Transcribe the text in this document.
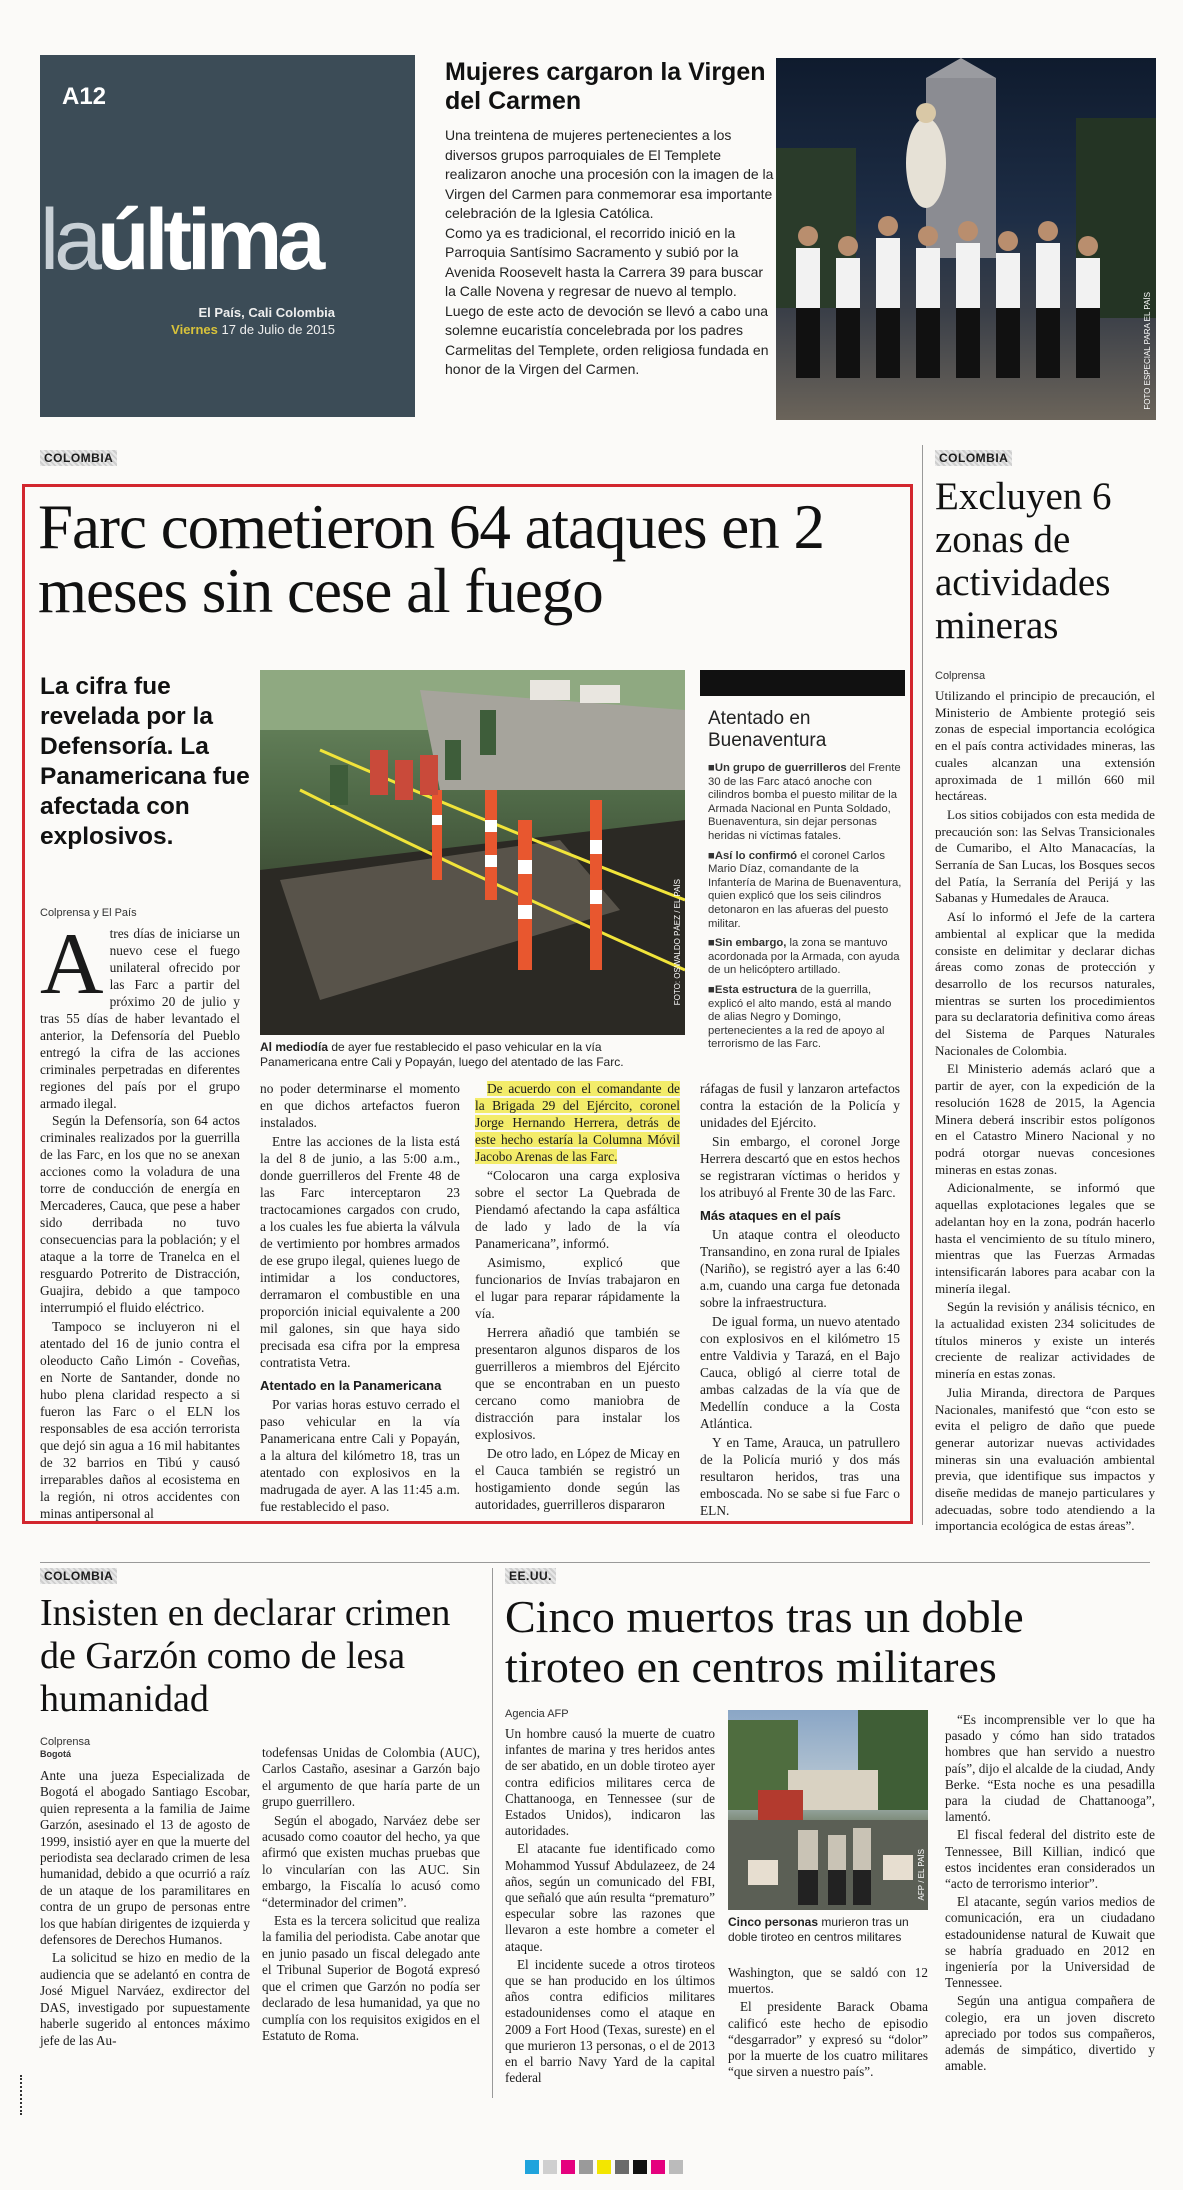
A12
laúltima
El País, Cali Colombia
Viernes 17 de Julio de 2015
Mujeres cargaron la Virgen del Carmen
Una treintena de mujeres pertenecientes a los diversos grupos parroquiales de El Templete realizaron anoche una procesión con la imagen de la Virgen del Carmen para conmemorar esa importante celebración de la Iglesia Católica.
Como ya es tradicional, el recorrido inició en la Parroquia Santísimo Sacramento y subió por la Avenida Roosevelt hasta la Carrera 39 para buscar la Calle Novena y regresar de nuevo al templo. Luego de este acto de devoción se llevó a cabo una solemne eucaristía concelebrada por los padres Carmelitas del Templete, orden religiosa fundada en honor de la Virgen del Carmen.	FOTO ESPECIAL PARA EL PAÍS
COLOMBIA
Farc cometieron 64 ataques en 2 meses sin cese al fuego
La cifra fue revelada por la Defensoría. La Panamericana fue afectada con explosivos.
FOTO: OSWALDO PÁEZ / EL PAÍS
Al mediodía de ayer fue restablecido el paso vehicular en la vía Panamericana entre Cali y Popayán, luego del atentado de las Farc.
Atentado en Buenaventura

■ Un grupo de guerrilleros del Frente 30 de las Farc atacó anoche con cilindros bomba el puesto militar de la Armada Nacional en Punta Soldado, Buenaventura, sin dejar personas heridas ni víctimas fatales.

■ Así lo confirmó el coronel Carlos Mario Díaz, comandante de la Infantería de Marina de Buenaventura, quien explicó que los seis cilindros detonaron en las afueras del puesto militar.

■ Sin embargo, la zona se mantuvo acordonada por la Armada, con ayuda de un helicóptero artillado.

■ Esta estructura de la guerrilla, explicó el alto mando, está al mando de alias Negro y Domingo, pertenecientes a la red de apoyo al terrorismo de las Farc.

Colprensa y El País
Atres días de iniciarse un nuevo cese el fuego unilateral ofrecido por las Farc a partir del próximo 20 de julio y tras 55 días de haber levantado el anterior, la Defensoría del Pueblo entregó la cifra de las acciones criminales perpetradas en diferentes regiones del país por el grupo armado ilegal.

Según la Defensoría, son 64 actos criminales realizados por la guerrilla de las Farc, en los que no se anexan acciones como la voladura de una torre de conducción de energía en Mercaderes, Cauca, que pese a haber sido derribada no tuvo consecuencias para la población; y el ataque a la torre de Tranelca en el resguardo Potrerito de Distracción, Guajira, debido a que tampoco interrumpió el fluido eléctrico.

Tampoco se incluyeron ni el atentado del 16 de junio contra el oleoducto Caño Limón - Coveñas, en Norte de Santander, donde no hubo plena claridad respecto a si fueron las Farc o el ELN los responsables de esa acción terrorista que dejó sin agua a 16 mil habitantes de 32 barrios en Tibú y causó irreparables daños al ecosistema en la región, ni otros accidentes con minas antipersonal al

no poder determinarse el momento en que dichos artefactos fueron instalados.

Entre las acciones de la lista está la del 8 de junio, a las 5:00 a.m., donde guerrilleros del Frente 48 de las Farc interceptaron 23 tractocamiones cargados con crudo, a los cuales les fue abierta la válvula de vertimiento por hombres armados de ese grupo ilegal, quienes luego de intimidar a los conductores, derramaron el combustible en una proporción inicial equivalente a 200 mil galones, sin que haya sido precisada esa cifra por la empresa contratista Vetra.

Atentado en la Panamericana

Por varias horas estuvo cerrado el paso vehicular en la vía Panamericana entre Cali y Popayán, a la altura del kilómetro 18, tras un atentado con explosivos en la madrugada de ayer. A las 11:45 a.m. fue restablecido el paso.

De acuerdo con el comandante de la Brigada 29 del Ejército, coronel Jorge Hernando Herrera, detrás de este hecho estaría la Columna Móvil Jacobo Arenas de las Farc.

“Colocaron una carga explosiva sobre el sector La Quebrada de Piendamó afectando la capa asfáltica de lado y lado de la vía Panamericana”, informó.

Asimismo, explicó que funcionarios de Invías trabajaron en el lugar para reparar rápidamente la vía.

Herrera añadió que también se presentaron algunos disparos de los guerrilleros a miembros del Ejército que se encontraban en un puesto cercano como maniobra de distracción para instalar los explosivos.

De otro lado, en López de Micay en el Cauca también se registró un hostigamiento donde según las autoridades, guerrilleros dispararon

ráfagas de fusil y lanzaron artefactos contra la estación de la Policía y unidades del Ejército.

Sin embargo, el coronel Jorge Herrera descartó que en estos hechos se registraran víctimas o heridos y los atribuyó al Frente 30 de las Farc.

Más ataques en el país

Un ataque contra el oleoducto Transandino, en zona rural de Ipiales (Nariño), se registró ayer a las 6:40 a.m, cuando una carga fue detonada sobre la infraestructura.

De igual forma, un nuevo atentado con explosivos en el kilómetro 15 entre Valdivia y Tarazá, en el Bajo Cauca, obligó al cierre total de ambas calzadas de la vía que de Medellín conduce a la Costa Atlántica.

Y en Tame, Arauca, un patrullero de la Policía murió y dos más resultaron heridos, tras una emboscada. No se sabe si fue Farc o ELN.

COLOMBIA
Excluyen 6 zonas de actividades mineras
Colprensa

Utilizando el principio de precaución, el Ministerio de Ambiente protegió seis zonas de especial importancia ecológica en el país contra actividades mineras, las cuales alcanzan una extensión aproximada de 1 millón 660 mil hectáreas.

Los sitios cobijados con esta medida de precaución son: las Selvas Transicionales de Cumaribo, el Alto Manacacías, la Serranía de San Lucas, los Bosques secos del Patía, la Serranía del Perijá y las Sabanas y Humedales de Arauca.

Así lo informó el Jefe de la cartera ambiental al explicar que la medida consiste en delimitar y declarar dichas áreas como zonas de protección y desarrollo de los recursos naturales, mientras se surten los procedimientos para su declaratoria definitiva como áreas del Sistema de Parques Naturales Nacionales de Colombia.

El Ministerio además aclaró que a partir de ayer, con la expedición de la resolución 1628 de 2015, la Agencia Minera deberá inscribir estos polígonos en el Catastro Minero Nacional y no podrá otorgar nuevas concesiones mineras en estas zonas.

Adicionalmente, se informó que aquellas explotaciones legales que se adelantan hoy en la zona, podrán hacerlo hasta el vencimiento de su título minero, mientras que las Fuerzas Armadas intensificarán labores para acabar con la minería ilegal.

Según la revisión y análisis técnico, en la actualidad existen 234 solicitudes de títulos mineros y existe un interés creciente de realizar actividades de minería en estas zonas.

Julia Miranda, directora de Parques Nacionales, manifestó que “con esto se evita el peligro de daño que puede generar autorizar nuevas actividades mineras sin una evaluación ambiental previa, que identifique sus impactos y diseñe medidas de manejo particulares y adecuadas, sobre todo atendiendo a la importancia ecológica de estas áreas”.

COLOMBIA
Insisten en declarar crimen de Garzón como de lesa humanidad
Colprensa
Bogotá

Ante una jueza Especializada de Bogotá el abogado Santiago Escobar, quien representa a la familia de Jaime Garzón, asesinado el 13 de agosto de 1999, insistió ayer en que la muerte del periodista sea declarado crimen de lesa humanidad, debido a que ocurrió a raíz de un ataque de los paramilitares en contra de un grupo de personas entre los que habían dirigentes de izquierda y defensores de Derechos Humanos.

La solicitud se hizo en medio de la audiencia que se adelantó en contra de José Miguel Narváez, exdirector del DAS, investigado por supuestamente haberle sugerido al entonces máximo jefe de las Au-

todefensas Unidas de Colombia (AUC), Carlos Castaño, asesinar a Garzón bajo el argumento de que haría parte de un grupo guerrillero.

Según el abogado, Narváez debe ser acusado como coautor del hecho, ya que afirmó que existen muchas pruebas que lo vincularían con las AUC. Sin embargo, la Fiscalía lo acusó como “determinador del crimen”.

Esta es la tercera solicitud que realiza la familia del periodista. Cabe anotar que en junio pasado un fiscal delegado ante el Tribunal Superior de Bogotá expresó que el crimen que Garzón no podía ser declarado de lesa humanidad, ya que no cumplía con los requisitos exigidos en el Estatuto de Roma.

EE.UU.
Cinco muertos tras un doble tiroteo en centros militares
Agencia AFP

Un hombre causó la muerte de cuatro infantes de marina y tres heridos antes de ser abatido, en un doble tiroteo ayer contra edificios militares cerca de Chattanooga, en Tennessee (sur de Estados Unidos), indicaron las autoridades.

El atacante fue identificado como Mohammod Yussuf Abdulazeez, de 24 años, según un comunicado del FBI, que señaló que aún resulta “prematuro” especular sobre las razones que llevaron a este hombre a cometer el ataque.

El incidente sucede a otros tiroteos que se han producido en los últimos años contra edificios militares estadounidenses como el ataque en 2009 a Fort Hood (Texas, sureste) en el que murieron 13 personas, o el de 2013 en el barrio Navy Yard de la capital federal

AFP / EL PAÍS
Cinco personas murieron tras un doble tiroteo en centros militares

Washington, que se saldó con 12 muertos.

El presidente Barack Obama calificó este hecho de episodio “desgarrador” y expresó su “dolor” por la muerte de los cuatro militares “que sirven a nuestro país”.

“Es incomprensible ver lo que ha pasado y cómo han sido tratados hombres que han servido a nuestro país”, dijo el alcalde de la ciudad, Andy Berke. “Esta noche es una pesadilla para la ciudad de Chattanooga”, lamentó.

El fiscal federal del distrito este de Tennessee, Bill Killian, indicó que estos incidentes eran considerados un “acto de terrorismo interior”.

El atacante, según varios medios de comunicación, era un ciudadano estadounidense natural de Kuwait que se habría graduado en 2012 en ingeniería por la Universidad de Tennessee.

Según una antigua compañera de colegio, era un joven discreto apreciado por todos sus compañeros, además de simpático, divertido y amable.
